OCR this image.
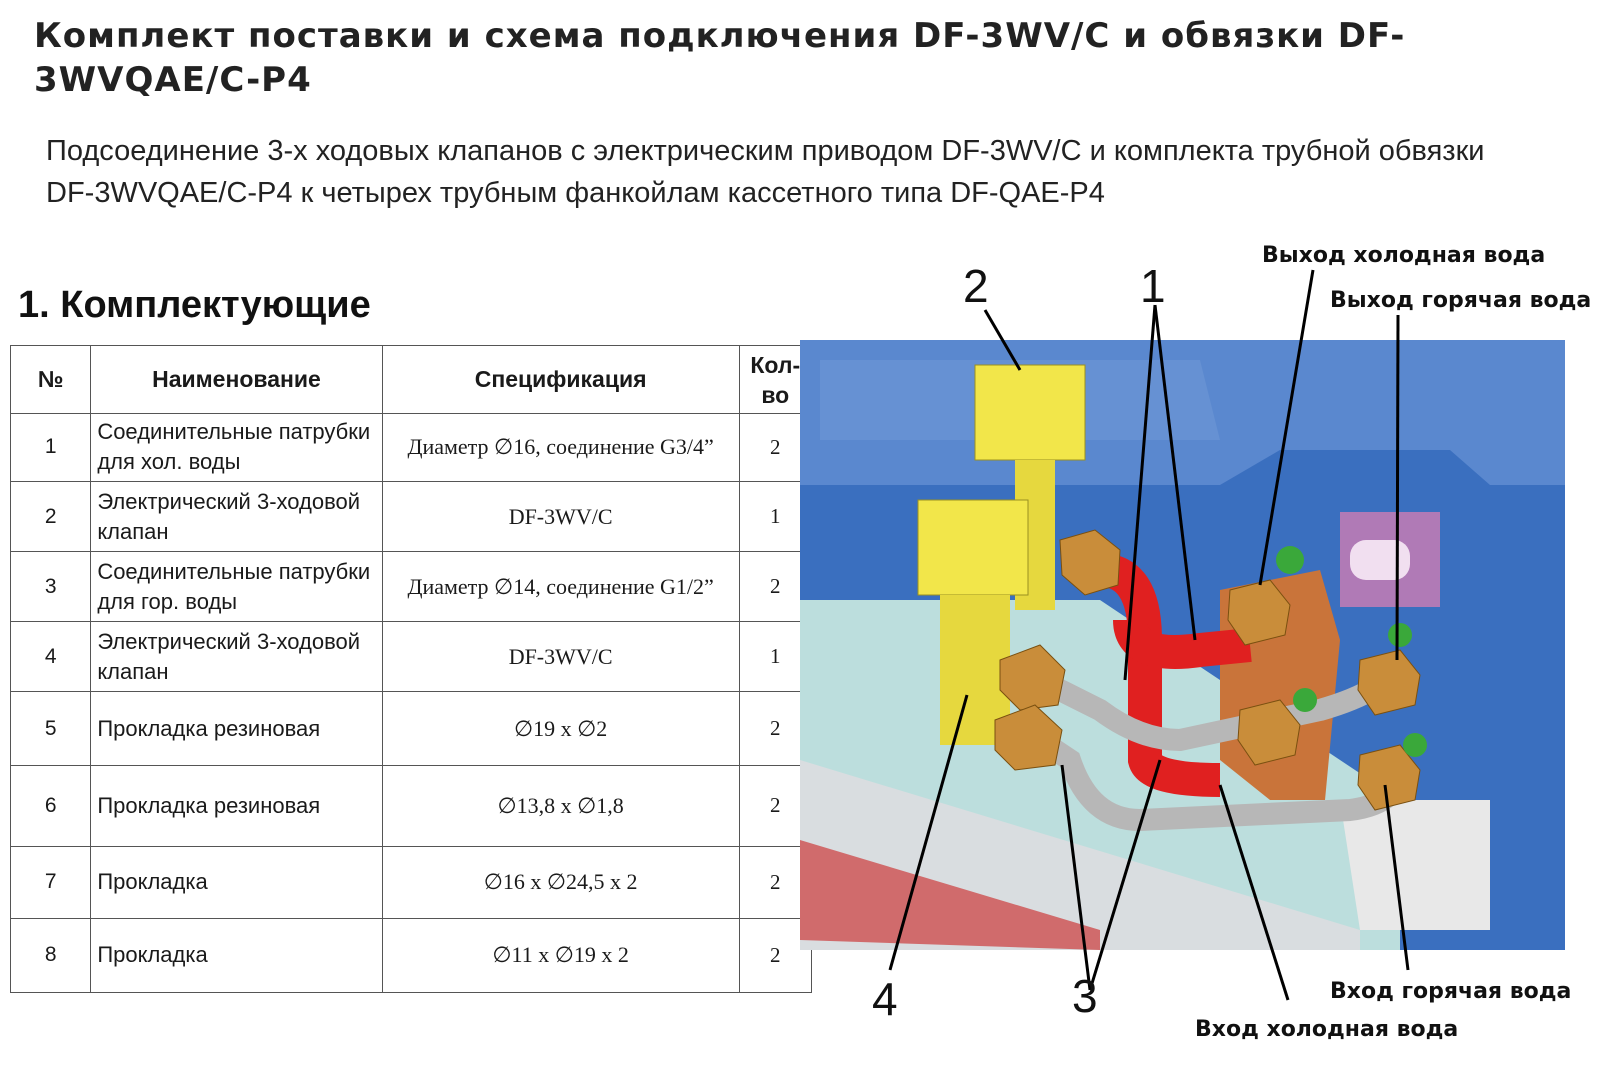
Комплект поставки и схема подключения DF-3WV/C и обвязки DF-3WVQAE/C-P4
Подсоединение 3-х ходовых клапанов с электрическим приводом DF-3WV/C и комплекта трубной обвязки DF-3WVQAE/C-P4 к четырех трубным фанкойлам кассетного типа DF-QAE-P4
1. Комплектующие
№	Наименование	Спецификация	Кол-во
1	Соединительные патрубки для хол. воды	Диаметр ∅16, соединение G3/4”	2
2	Электрический 3-ходовой клапан	DF-3WV/C	1
3	Соединительные патрубки для гор. воды	Диаметр ∅14, соединение G1/2”	2
4	Электрический 3-ходовой клапан	DF-3WV/C	1
5	Прокладка резиновая	∅19 x ∅2	2
6	Прокладка резиновая	∅13,8 x ∅1,8	2
7	Прокладка	∅16 x ∅24,5 x 2	2
8	Прокладка	∅11 x ∅19 x 2	2
2	1
4	3
Выход холодная вода
Выход горячая вода
Вход горячая вода
Вход холодная вода
